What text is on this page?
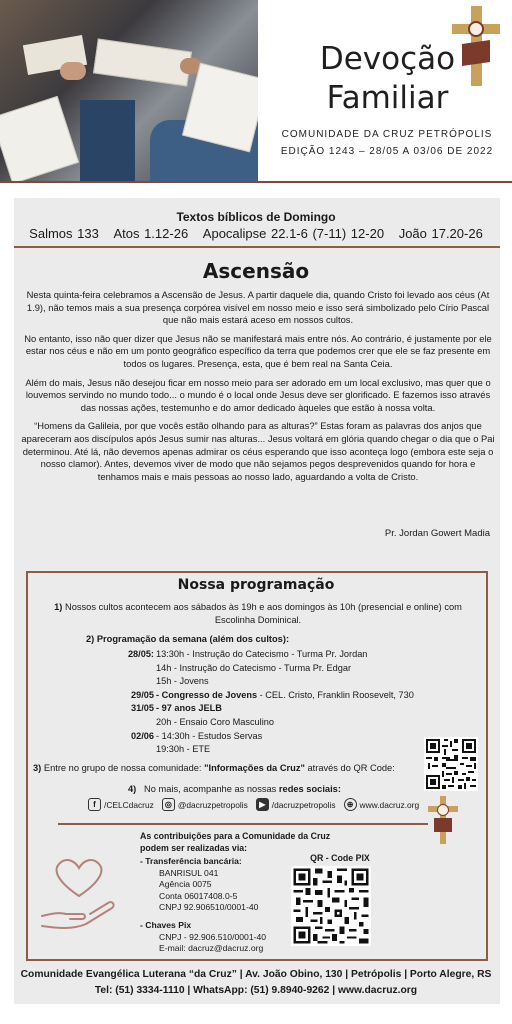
Devoção
Familiar
COMUNIDADE DA CRUZ PETRÓPOLIS
EDIÇÃO 1243 – 28/05 A 03/06 DE 2022
Textos bíblicos de Domingo
Salmos 133 Atos 1.12-26 Apocalipse 22.1-6 (7-11) 12-20 João 17.20-26
Ascensão

Nesta quinta-feira celebramos a Ascensão de Jesus. A partir daquele dia, quando Cristo foi levado aos céus (At 1.9), não temos mais a sua presença corpórea visível em nosso meio e isso será simbolizado pelo Círio Pascal que não mais estará aceso em nossos cultos.

No entanto, isso não quer dizer que Jesus não se manifestará mais entre nós. Ao contrário, é justamente por ele estar nos céus e não em um ponto geográfico específico da terra que podemos crer que ele se faz presente em todos os lugares. Presença, esta, que é bem real na Santa Ceia.

Além do mais, Jesus não desejou ficar em nosso meio para ser adorado em um local exclusivo, mas quer que o louvemos servindo no mundo todo... o mundo é o local onde Jesus deve ser glorificado. E fazemos isso através das nossas ações, testemunho e do amor dedicado àqueles que estão à nossa volta.

“Homens da Galileia, por que vocês estão olhando para as alturas?” Estas foram as palavras dos anjos que apareceram aos discípulos após Jesus sumir nas alturas... Jesus voltará em glória quando chegar o dia que o Pai determinou. Até lá, não devemos apenas admirar os céus esperando que isso aconteça logo (embora este seja o nosso clamor). Antes, devemos viver de modo que não sejamos pegos desprevenidos quando for hora e tenhamos mais e mais pessoas ao nosso lado, aguardando a volta de Cristo.

Pr. Jordan Gowert Madia
Nossa programação
1) Nossos cultos acontecem aos sábados às 19h e aos domingos às 10h (presencial e online) com Escolinha Dominical.
2) Programação da semana (além dos cultos):
28/05: 13:30h - Instrução do Catecismo - Turma Pr. Jordan
14h - Instrução do Catecismo - Turma Pr. Edgar
15h - Jovens
29/05 - Congresso de Jovens - CEL. Cristo, Franklin Roosevelt, 730
31/05 - 97 anos JELB
20h - Ensaio Coro Masculino
02/06 - 14:30h - Estudos Servas
19:30h - ETE
3) Entre no grupo de nossa comunidade: "Informações da Cruz" através do QR Code:
4) No mais, acompanhe as nossas redes sociais:
f /CELCdacruz	◎ @dacruzpetropolis	▶ /dacruzpetropolis	⊕ www.dacruz.org
As contribuições para a Comunidade da Cruz
podem ser realizadas via:
- Transferência bancária:
BANRISUL 041
Agência 0075
Conta 06017408.0-5
CNPJ 92.906510/0001-40
- Chaves Pix
CNPJ - 92.906.510/0001-40
E-mail: dacruz@dacruz.org
QR - Code PIX
Comunidade Evangélica Luterana “da Cruz” | Av. João Obino, 130 | Petrópolis | Porto Alegre, RS
Tel: (51) 3334-1110 | WhatsApp: (51) 9.8940-9262 | www.dacruz.org
